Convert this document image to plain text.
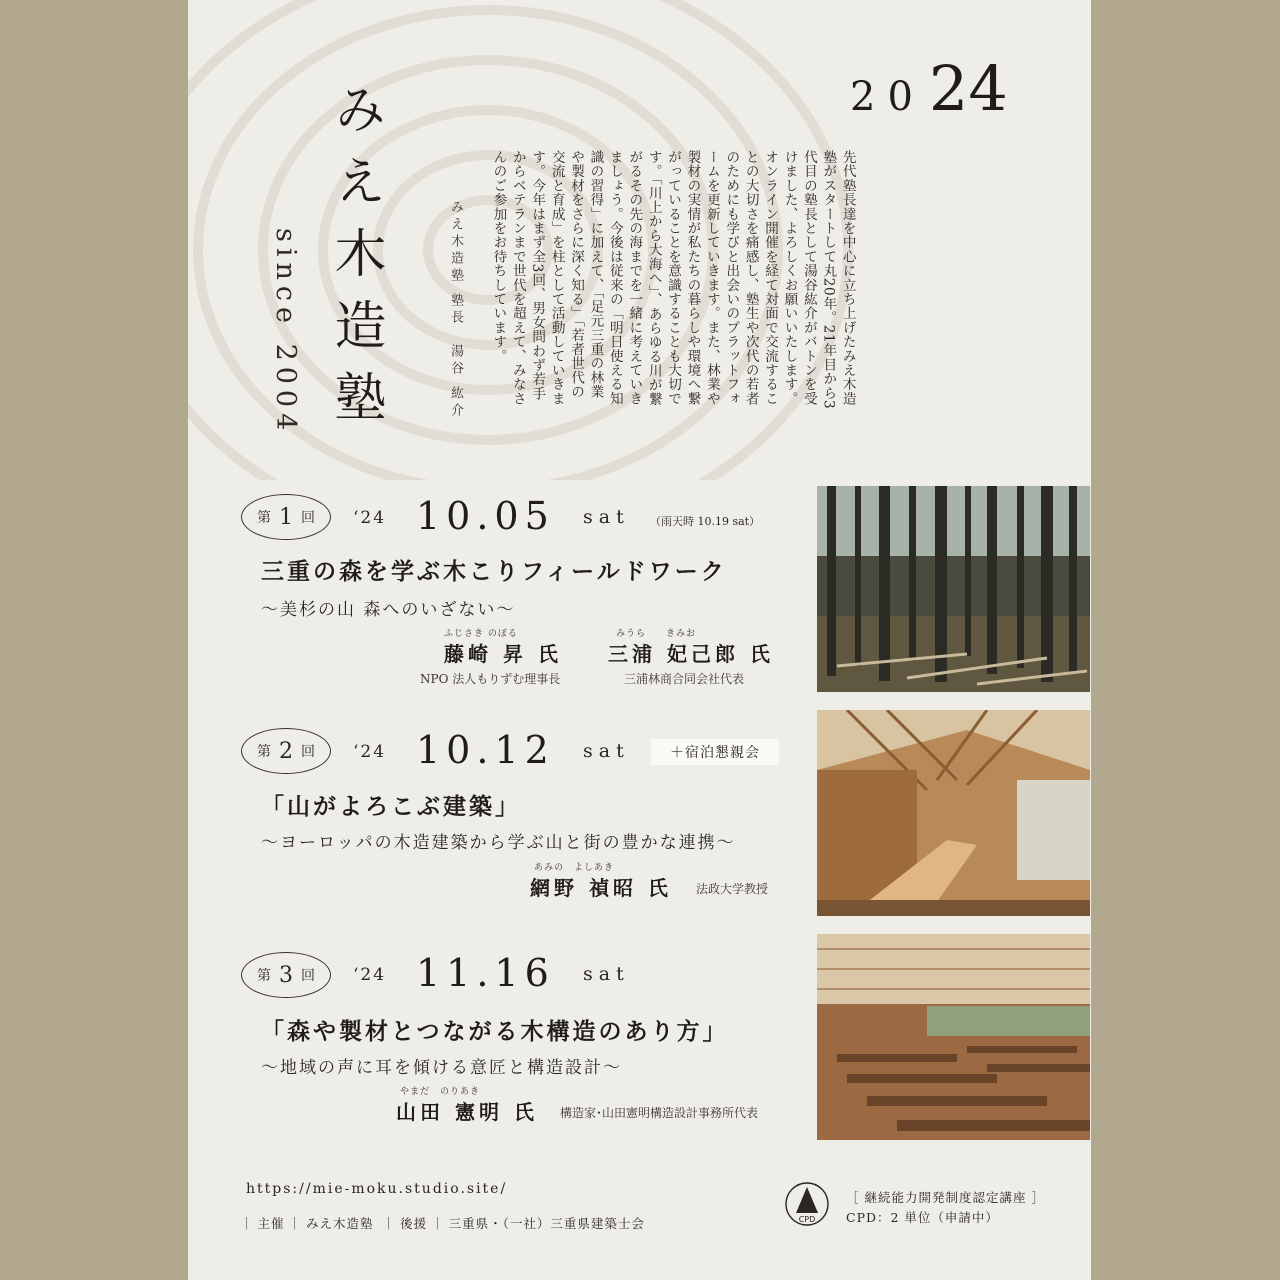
みえ木造塾
since 2004	みえ木造塾 塾長　湯谷 紘介	先代塾長達を中心に立ち上げたみえ木造塾がスタートして丸20年。21年目から3代目の塾長として湯谷紘介がバトンを受けました、よろしくお願いいたします。　オンライン開催を経て対面で交流することの大切さを痛感し、塾生や次代の若者のためにも学びと出会いのプラットフォームを更新していきます。また、林業や製材の実情が私たちの暮らしや環境へ繋がっていることを意識することも大切です。「川上から大海へ」、あらゆる川が繋がるその先の海までを一緒に考えていきましょう。今後は従来の「明日使える知識の習得」に加えて、「足元三重の林業や製材をさらに深く知る」「若者世代の交流と育成」を柱として活動していきます。今年はまず全3回、男女問わず若手からベテランまで世代を超えて、みなさんのご参加をお待ちしています。
2024
第 1 回 ‘24 10.05 sat （雨天時 10.19 sat）
三重の森を学ぶ木こりフィールドワーク
〜美杉の山 森へのいざない〜
ふじさき のぼる
藤崎 昇 氏
NPO 法人もりずむ理事長
みうら　　きみお
三浦 妃己郎 氏
三浦林商合同会社代表
第 2 回 ‘24 10.12 sat	＋宿泊懇親会
「山がよろこぶ建築」
〜ヨーロッパの木造建築から学ぶ山と街の豊かな連携〜
あみの　よしあき
網野 禎昭 氏 法政大学教授
第 3 回 ‘24 11.16 sat
「森や製材とつながる木構造のあり方」
〜地域の声に耳を傾ける意匠と構造設計〜
やまだ　のりあき
山田 憲明 氏 構造家･山田憲明構造設計事務所代表
https://mie-moku.studio.site/
｜ 主催 ｜ みえ木造塾 ｜ 後援 ｜ 三重県・（一社）三重県建築士会	CPD
［ 継続能力開発制度認定講座 ］
CPD：2 単位（申請中）
